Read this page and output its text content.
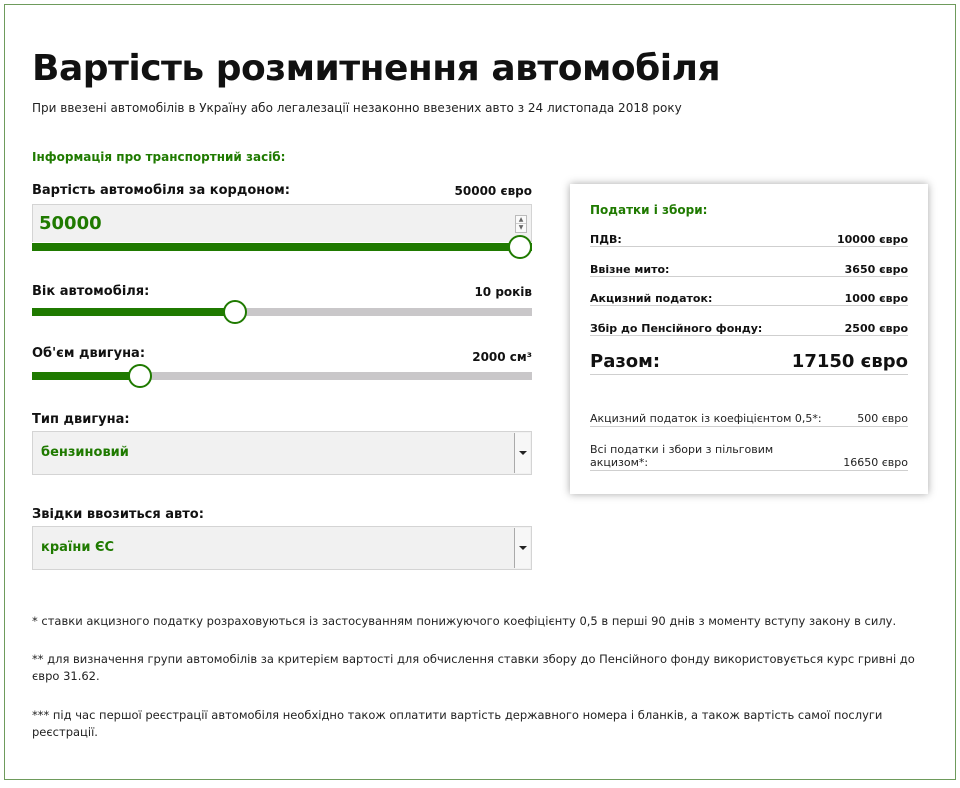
Вартість розмитнення автомобіля

При ввезені автомобілів в Україну або легалезації незаконно ввезених авто з 24 листопада 2018 року

Інформація про транспортний засіб:
Вартість автомобіля за кордоном:	50000 євро
50000	▲
▼
Вік автомобіля:	10 років
Об'єм двигуна:	2000 см³
Тип двигуна:
бензиновий
Звідки ввозиться авто:
країни ЄС
Податки і збори:
ПДВ:	10000 євро
Ввізне мито:	3650 євро
Акцизний податок:	1000 євро
Збір до Пенсійного фонду:	2500 євро
Разом:	17150 євро
Акцизний податок із коефіцієнтом 0,5*:	500 євро
Всі податки і збори з пільговим акцизом*:	16650 євро

* ставки акцизного податку розраховуються із застосуванням понижуючого коефіцієнту 0,5 в перші 90 днів з моменту вступу закону в силу.

** для визначення групи автомобілів за критерієм вартості для обчислення ставки збору до Пенсійного фонду використовується курс гривні до євро 31.62.

*** під час першої реєстрації автомобіля необхідно також оплатити вартість державного номера і бланків, а також вартість самої послуги реєстрації.
